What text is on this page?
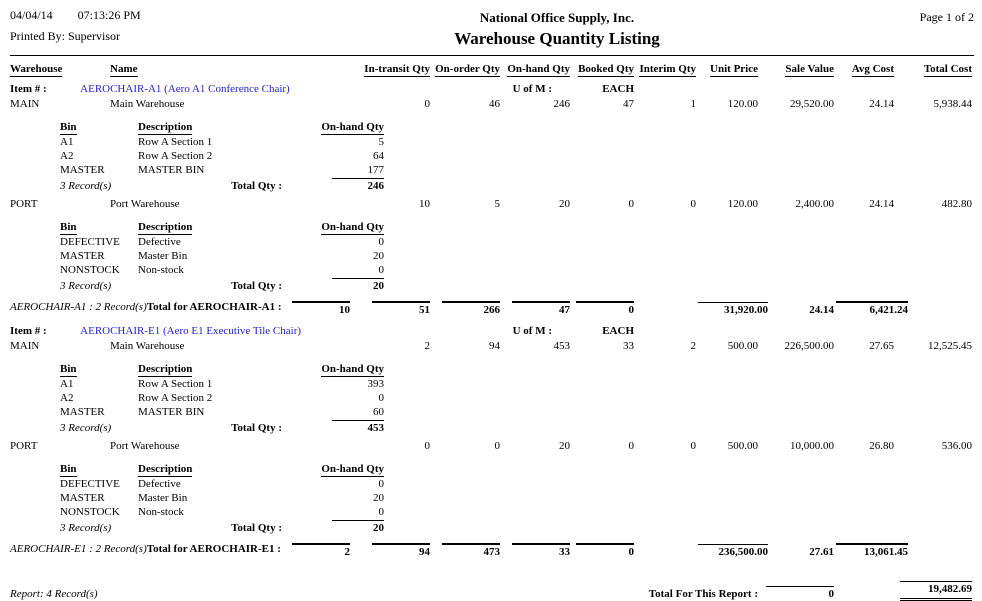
04/04/14 07:13:26 PM
Printed By: Supervisor
National Office Supply, Inc.
Warehouse Quantity Listing
Page 1 of 2
Warehouse	Name	In-transit Qty	On-order Qty	On-hand Qty	Booked Qty	Interim Qty	Unit Price	Sale Value	Avg Cost	Total Cost
Item # :	AEROCHAIR-A1 (Aero A1 Conference Chair)			U of M :	EACH					
MAIN	Main Warehouse	0	46	246	47	1	120.00	29,520.00	24.14	5,938.44

Bin	Description		On-hand Qty
A1	Row A Section 1		5
A2	Row A Section 2		64
MASTER	MASTER BIN		177
3 Record(s)	Total Qty :	246

PORT	Port Warehouse	10	5	20	0	0	120.00	2,400.00	24.14	482.80

Bin	Description		On-hand Qty
DEFECTIVE	Defective		0
MASTER	Master Bin		20
NONSTOCK	Non-stock		0
3 Record(s)	Total Qty :	20

AEROCHAIR-A1 : 2 Record(s) Total for AEROCHAIR-A1 :	10	51	266	47	0		31,920.00	24.14	6,421.24
Item # :	AEROCHAIR-E1 (Aero E1 Executive Tile Chair)			U of M :	EACH					
MAIN	Main Warehouse	2	94	453	33	2	500.00	226,500.00	27.65	12,525.45

Bin	Description		On-hand Qty
A1	Row A Section 1		393
A2	Row A Section 2		0
MASTER	MASTER BIN		60
3 Record(s)	Total Qty :	453

PORT	Port Warehouse	0	0	20	0	0	500.00	10,000.00	26.80	536.00

Bin	Description		On-hand Qty
DEFECTIVE	Defective		0
MASTER	Master Bin		20
NONSTOCK	Non-stock		0
3 Record(s)	Total Qty :	20

AEROCHAIR-E1 : 2 Record(s) Total for AEROCHAIR-E1 :	2	94	473	33	0		236,500.00	27.61	13,061.45
Report: 4 Record(s)	Total For This Report :	0		19,482.69
